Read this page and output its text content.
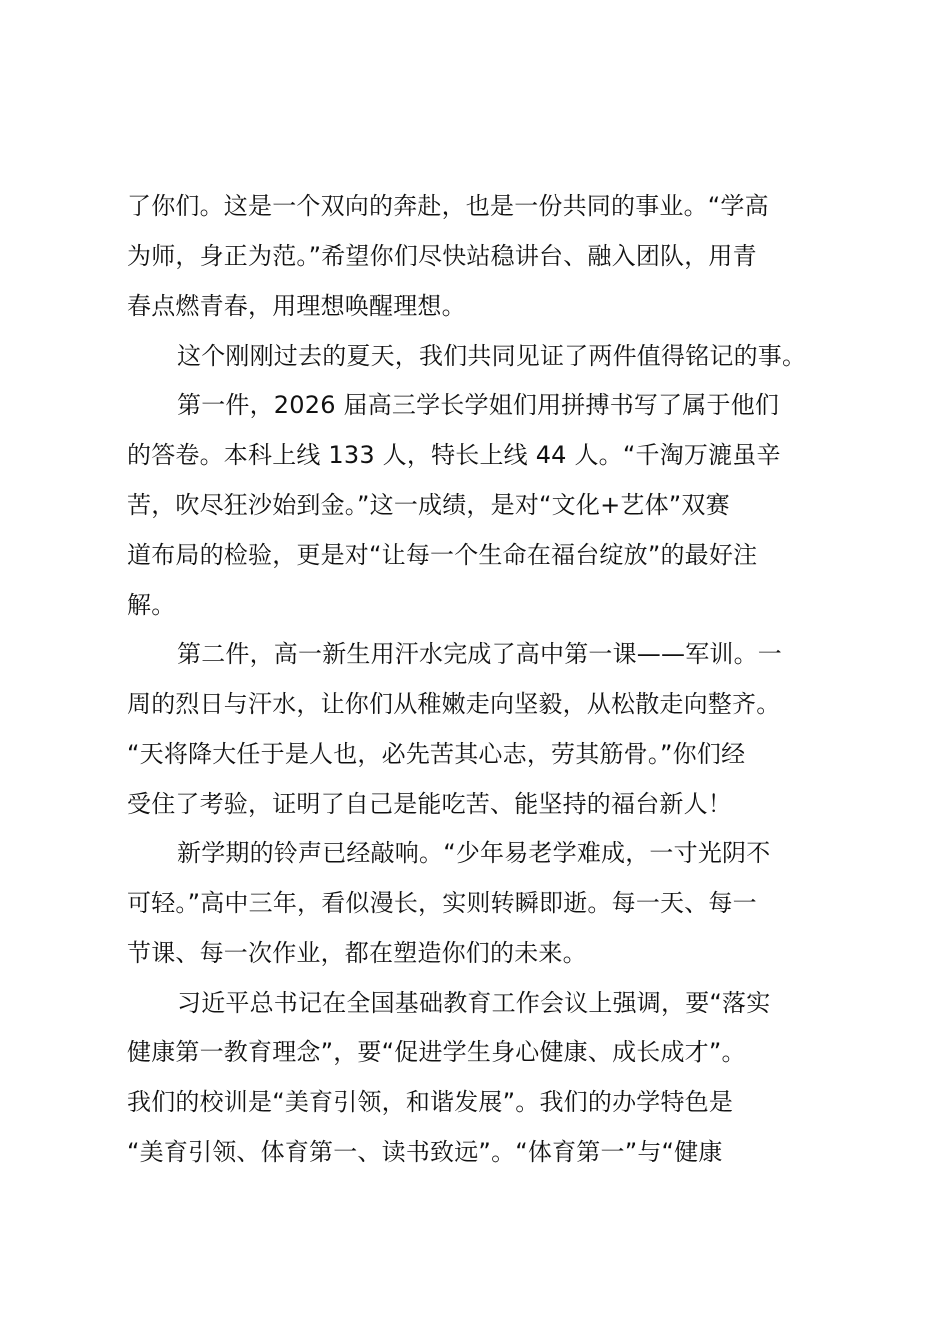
了你们。这是一个双向的奔赴，也是一份共同的事业。“学高
为师，身正为范。”希望你们尽快站稳讲台、融入团队，用青
春点燃青春，用理想唤醒理想。
这个刚刚过去的夏天，我们共同见证了两件值得铭记的事。
第一件，2026 届高三学长学姐们用拼搏书写了属于他们
的答卷。本科上线 133 人，特长上线 44 人。“千淘万漉虽辛
苦，吹尽狂沙始到金。”这一成绩，是对“文化+艺体”双赛
道布局的检验，更是对“让每一个生命在福台绽放”的最好注
解。
第二件，高一新生用汗水完成了高中第一课——军训。一
周的烈日与汗水，让你们从稚嫩走向坚毅，从松散走向整齐。
“天将降大任于是人也，必先苦其心志，劳其筋骨。”你们经
受住了考验，证明了自己是能吃苦、能坚持的福台新人！
新学期的铃声已经敲响。“少年易老学难成，一寸光阴不
可轻。”高中三年，看似漫长，实则转瞬即逝。每一天、每一
节课、每一次作业，都在塑造你们的未来。
习近平总书记在全国基础教育工作会议上强调，要“落实
健康第一教育理念”，要“促进学生身心健康、成长成才”。
我们的校训是“美育引领，和谐发展”。我们的办学特色是
“美育引领、体育第一、读书致远”。“体育第一”与“健康
